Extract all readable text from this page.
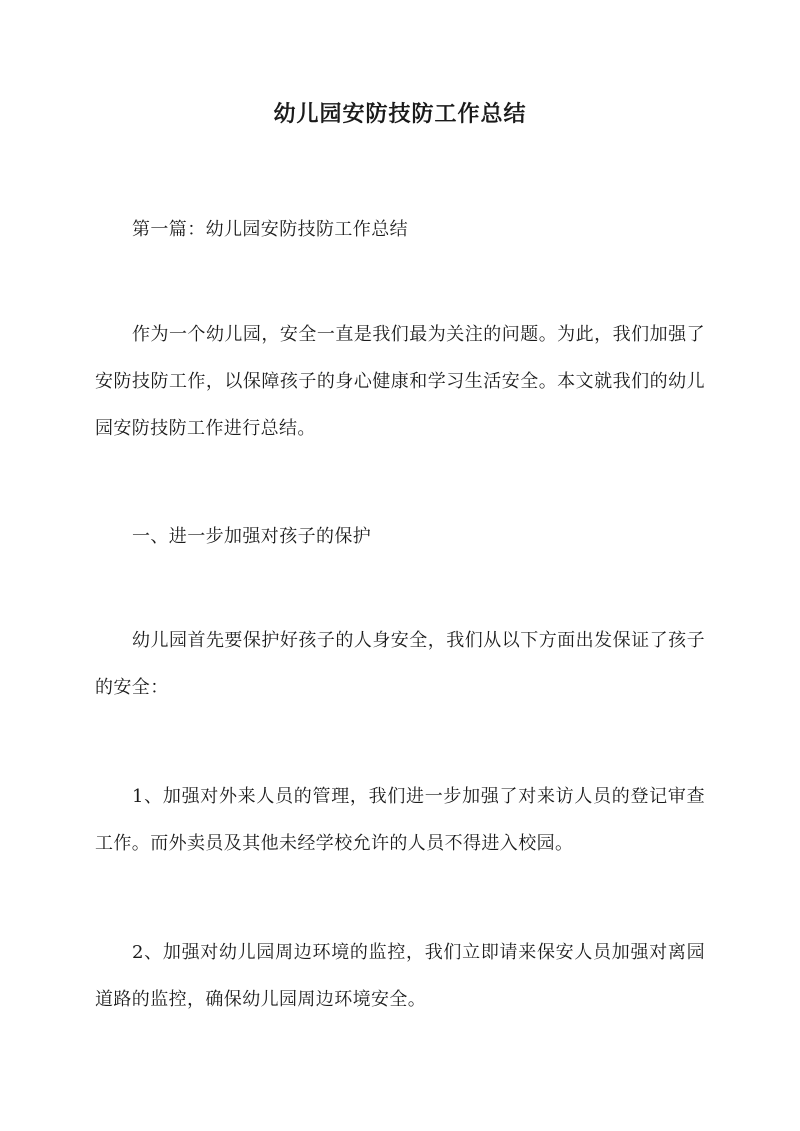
幼儿园安防技防工作总结

第一篇：幼儿园安防技防工作总结

作为一个幼儿园，安全一直是我们最为关注的问题。为此，我们加强了安防技防工作，以保障孩子的身心健康和学习生活安全。本文就我们的幼儿园安防技防工作进行总结。

一、进一步加强对孩子的保护

幼儿园首先要保护好孩子的人身安全，我们从以下方面出发保证了孩子的安全：

1、加强对外来人员的管理，我们进一步加强了对来访人员的登记审查工作。而外卖员及其他未经学校允许的人员不得进入校园。

2、加强对幼儿园周边环境的监控，我们立即请来保安人员加强对离园道路的监控，确保幼儿园周边环境安全。
